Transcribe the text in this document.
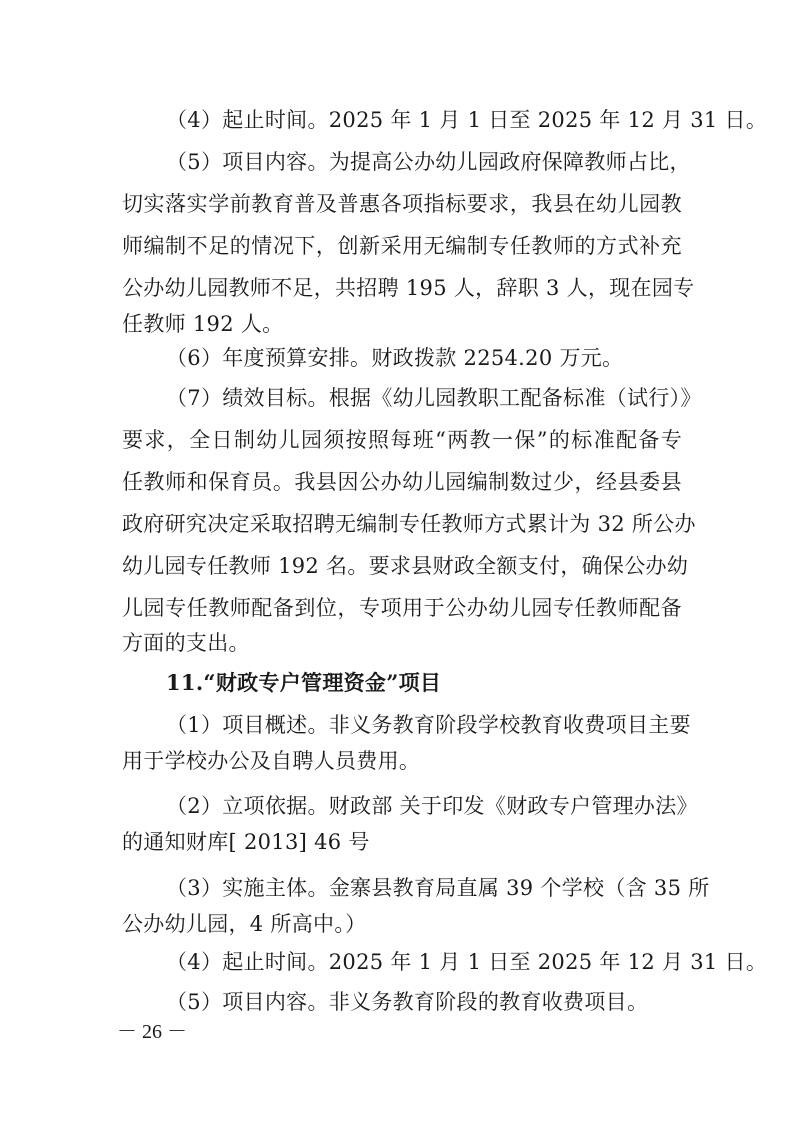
（4）起止时间。2025 年 1 月 1 日至 2025 年 12 月 31 日。
（5）项目内容。为提高公办幼儿园政府保障教师占比，
切实落实学前教育普及普惠各项指标要求，我县在幼儿园教
师编制不足的情况下，创新采用无编制专任教师的方式补充
公办幼儿园教师不足，共招聘 195 人，辞职 3 人，现在园专
任教师 192 人。
（6）年度预算安排。财政拨款 2254.20 万元。
（7）绩效目标。根据《幼儿园教职工配备标准（试行）》
要求，全日制幼儿园须按照每班“两教一保”的标准配备专
任教师和保育员。我县因公办幼儿园编制数过少，经县委县
政府研究决定采取招聘无编制专任教师方式累计为 32 所公办
幼儿园专任教师 192 名。要求县财政全额支付，确保公办幼
儿园专任教师配备到位，专项用于公办幼儿园专任教师配备
方面的支出。
11.“财政专户管理资金”项目
（1）项目概述。非义务教育阶段学校教育收费项目主要
用于学校办公及自聘人员费用。
（2）立项依据。财政部 关于印发《财政专户管理办法》
的通知财库[ 2013] 46 号
（3）实施主体。金寨县教育局直属 39 个学校（含 35 所
公办幼儿园，4 所高中。）
（4）起止时间。2025 年 1 月 1 日至 2025 年 12 月 31 日。
（5）项目内容。非义务教育阶段的教育收费项目。
－ 26 －
